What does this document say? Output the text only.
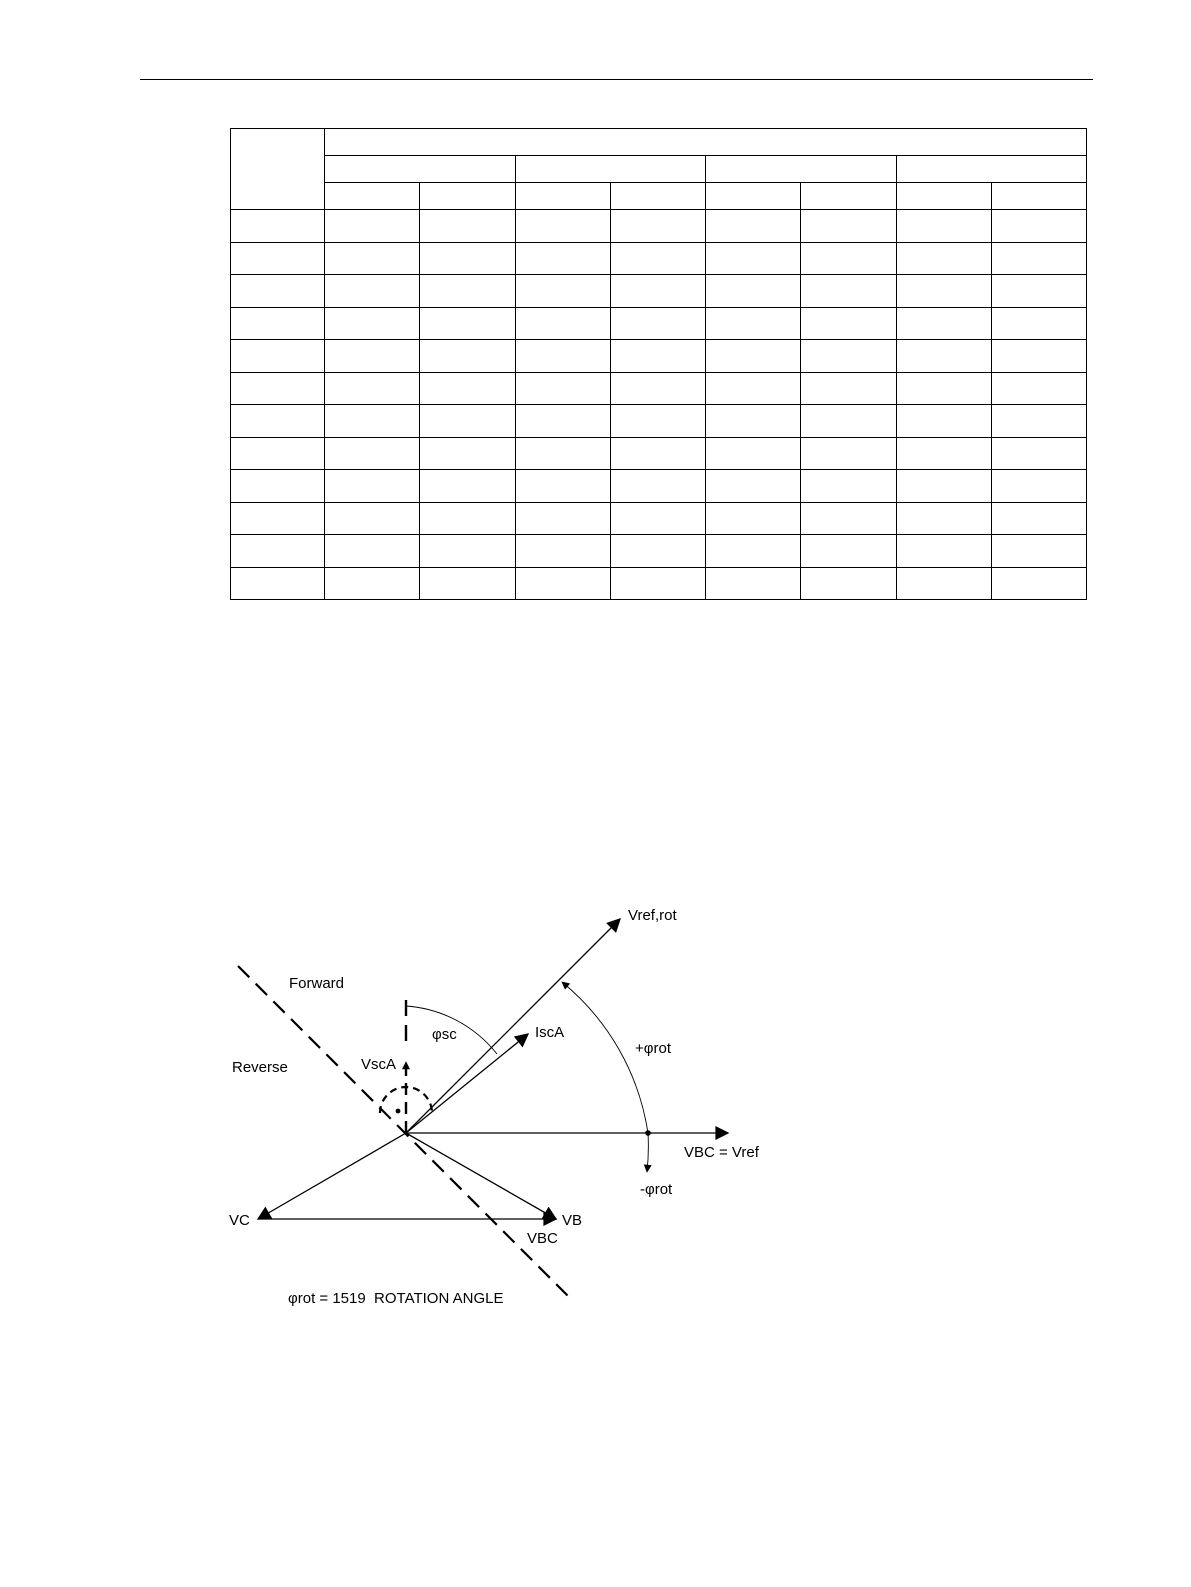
Vref,rot
Forward
Reverse
φsc	IscA
VscA
+φrot
VBC = Vref
-φrot
VC	VB
VBC
φrot = 1519  ROTATION ANGLE
